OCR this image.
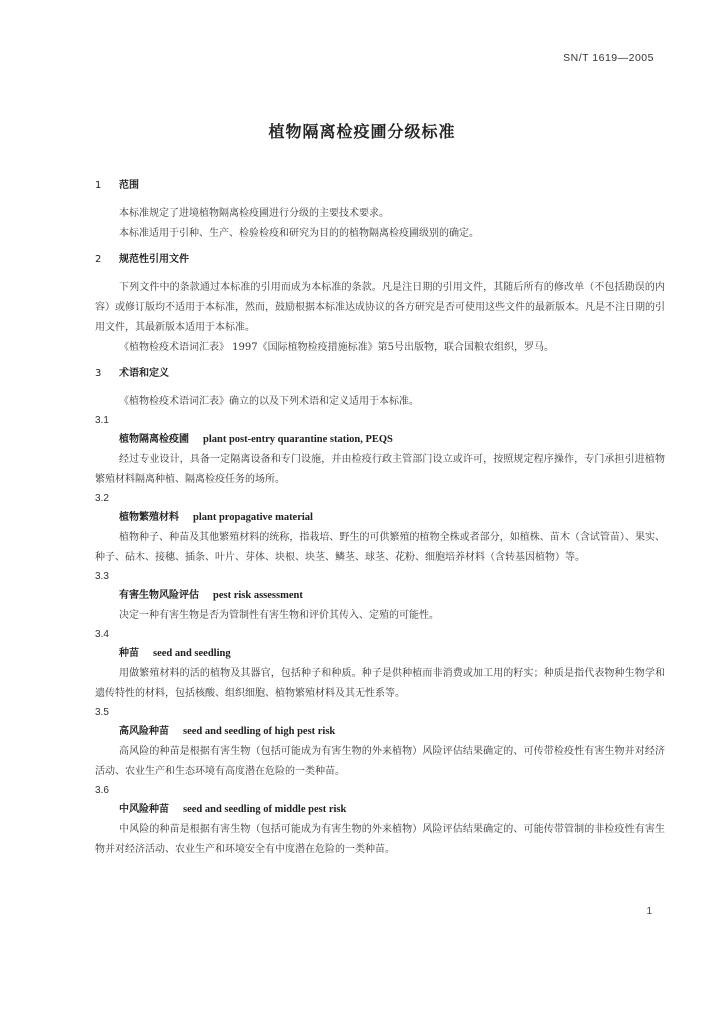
SN/T 1619—2005
植物隔离检疫圃分级标准
1 范围
本标准规定了进境植物隔离检疫圃进行分级的主要技术要求。
本标准适用于引种、生产、检验检疫和研究为目的的植物隔离检疫圃级别的确定。
2 规范性引用文件
下列文件中的条款通过本标准的引用而成为本标准的条款。凡是注日期的引用文件，其随后所有的修改单（不包括勘误的内容）或修订版均不适用于本标准，然而，鼓励根据本标准达成协议的各方研究是否可使用这些文件的最新版本。凡是不注日期的引用文件，其最新版本适用于本标准。
《植物检疫术语词汇表》 1997《国际植物检疫措施标准》第5号出版物，联合国粮农组织，罗马。
3 术语和定义
《植物检疫术语词汇表》确立的以及下列术语和定义适用于本标准。
3.1
植物隔离检疫圃 plant post-entry quarantine station, PEQS
经过专业设计，具备一定隔离设备和专门设施，并由检疫行政主管部门设立或许可，按照规定程序操作，专门承担引进植物繁殖材料隔离种植、隔离检疫任务的场所。
3.2
植物繁殖材料 plant propagative material
植物种子、种苗及其他繁殖材料的统称，指栽培、野生的可供繁殖的植物全株或者部分，如植株、苗木（含试管苗）、果实、种子、砧木、接穗、插条、叶片、芽体、块根、块茎、鳞茎、球茎、花粉、细胞培养材料（含转基因植物）等。
3.3
有害生物风险评估 pest risk assessment
决定一种有害生物是否为管制性有害生物和评价其传入、定殖的可能性。
3.4
种苗 seed and seedling
用做繁殖材料的活的植物及其器官，包括种子和种质。种子是供种植而非消费或加工用的籽实；种质是指代表物种生物学和遗传特性的材料，包括核酸、组织细胞、植物繁殖材料及其无性系等。
3.5
高风险种苗 seed and seedling of high pest risk
高风险的种苗是根据有害生物（包括可能成为有害生物的外来植物）风险评估结果确定的、可传带检疫性有害生物并对经济活动、农业生产和生态环境有高度潜在危险的一类种苗。
3.6
中风险种苗 seed and seedling of middle pest risk
中风险的种苗是根据有害生物（包括可能成为有害生物的外来植物）风险评估结果确定的、可能传带管制的非检疫性有害生物并对经济活动、农业生产和环境安全有中度潜在危险的一类种苗。
1
